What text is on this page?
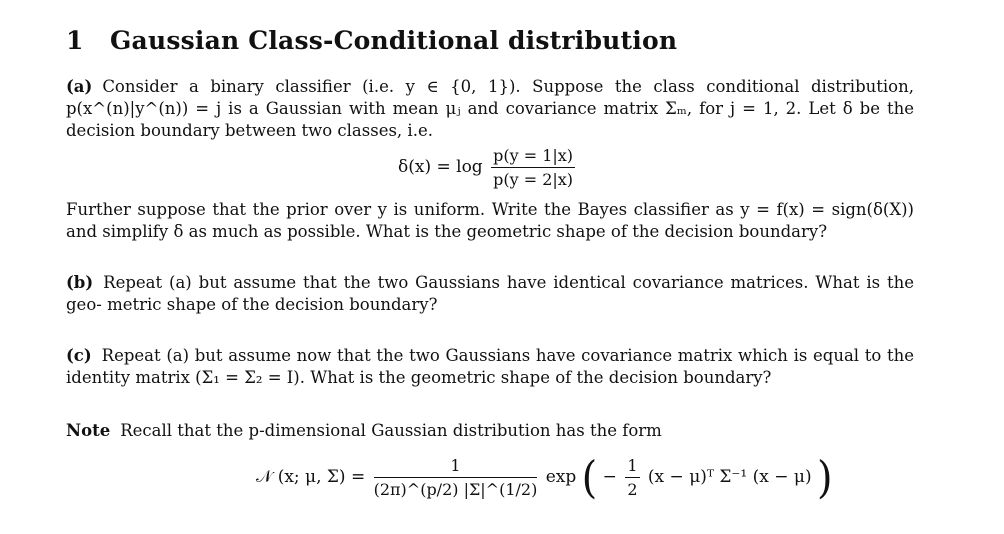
1 Gaussian Class-Conditional distribution
(a) Consider a binary classifier (i.e. y ∈ {0, 1}). Suppose the class conditional distribution, p(x^(n)|y^(n)) = j is a Gaussian with mean μⱼ and covariance matrix Σₘ, for j = 1, 2. Let δ be the decision boundary between two classes, i.e.
$\delta(x) = \log \frac{p(y = 1|x)}{p(y = 2|x)}$
Further suppose that the prior over y is uniform. Write the Bayes classifier as y = f(x) = sign(δ(X)) and simplify δ as much as possible. What is the geometric shape of the decision boundary?
(b) Repeat (a) but assume that the two Gaussians have identical covariance matrices. What is the geo- metric shape of the decision boundary?
(c) Repeat (a) but assume now that the two Gaussians have covariance matrix which is equal to the identity matrix (Σ₁ = Σ₂ = I). What is the geometric shape of the decision boundary?
Note Recall that the p-dimensional Gaussian distribution has the form
𝒩 (x; μ, $\Sigma) = \frac{1}{(2\pi)\^{}(p/2) |\Sigma|\^{}(1/2)}$ exp ( − $\frac{1}{2} (x$ − μ)ᵀ Σ⁻¹ (x − μ) )
